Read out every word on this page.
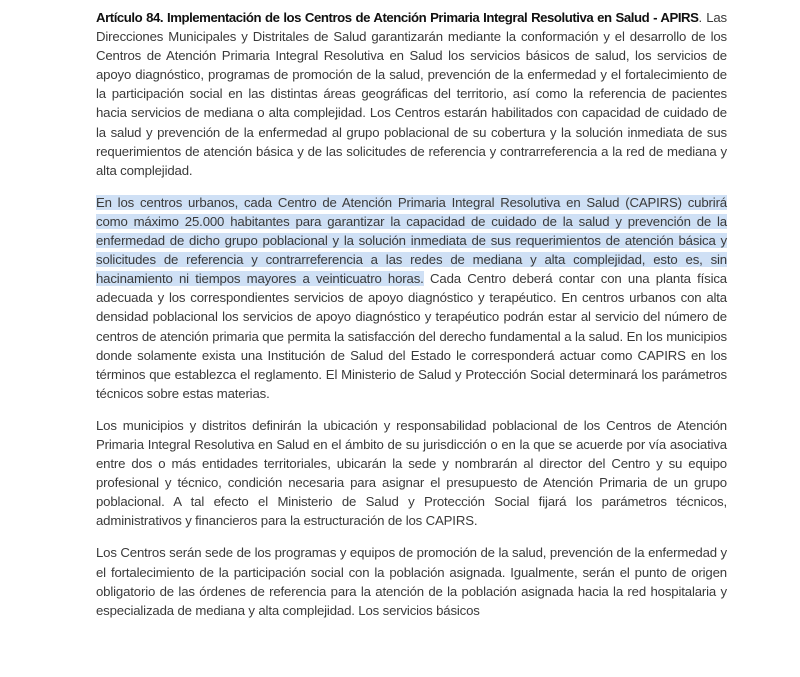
Artículo 84. Implementación de los Centros de Atención Primaria Integral Resolutiva en Salud - APIRS. Las Direcciones Municipales y Distritales de Salud garantizarán mediante la conformación y el desarrollo de los Centros de Atención Primaria Integral Resolutiva en Salud los servicios básicos de salud, los servicios de apoyo diagnóstico, programas de promoción de la salud, prevención de la enfermedad y el fortalecimiento de la participación social en las distintas áreas geográficas del territorio, así como la referencia de pacientes hacia servicios de mediana o alta complejidad. Los Centros estarán habilitados con capacidad de cuidado de la salud y prevención de la enfermedad al grupo poblacional de su cobertura y la solución inmediata de sus requerimientos de atención básica y de las solicitudes de referencia y contrarreferencia a la red de mediana y alta complejidad.

En los centros urbanos, cada Centro de Atención Primaria Integral Resolutiva en Salud (CAPIRS) cubrirá como máximo 25.000 habitantes para garantizar la capacidad de cuidado de la salud y prevención de la enfermedad de dicho grupo poblacional y la solución inmediata de sus requerimientos de atención básica y solicitudes de referencia y contrarreferencia a las redes de mediana y alta complejidad, esto es, sin hacinamiento ni tiempos mayores a veinticuatro horas. Cada Centro deberá contar con una planta física adecuada y los correspondientes servicios de apoyo diagnóstico y terapéutico. En centros urbanos con alta densidad poblacional los servicios de apoyo diagnóstico y terapéutico podrán estar al servicio del número de centros de atención primaria que permita la satisfacción del derecho fundamental a la salud. En los municipios donde solamente exista una Institución de Salud del Estado le corresponderá actuar como CAPIRS en los términos que establezca el reglamento. El Ministerio de Salud y Protección Social determinará los parámetros técnicos sobre estas materias.

Los municipios y distritos definirán la ubicación y responsabilidad poblacional de los Centros de Atención Primaria Integral Resolutiva en Salud en el ámbito de su jurisdicción o en la que se acuerde por vía asociativa entre dos o más entidades territoriales, ubicarán la sede y nombrarán al director del Centro y su equipo profesional y técnico, condición necesaria para asignar el presupuesto de Atención Primaria de un grupo poblacional. A tal efecto el Ministerio de Salud y Protección Social fijará los parámetros técnicos, administrativos y financieros para la estructuración de los CAPIRS.

Los Centros serán sede de los programas y equipos de promoción de la salud, prevención de la enfermedad y el fortalecimiento de la participación social con la población asignada. Igualmente, serán el punto de origen obligatorio de las órdenes de referencia para la atención de la población asignada hacia la red hospitalaria y especializada de mediana y alta complejidad. Los servicios básicos
